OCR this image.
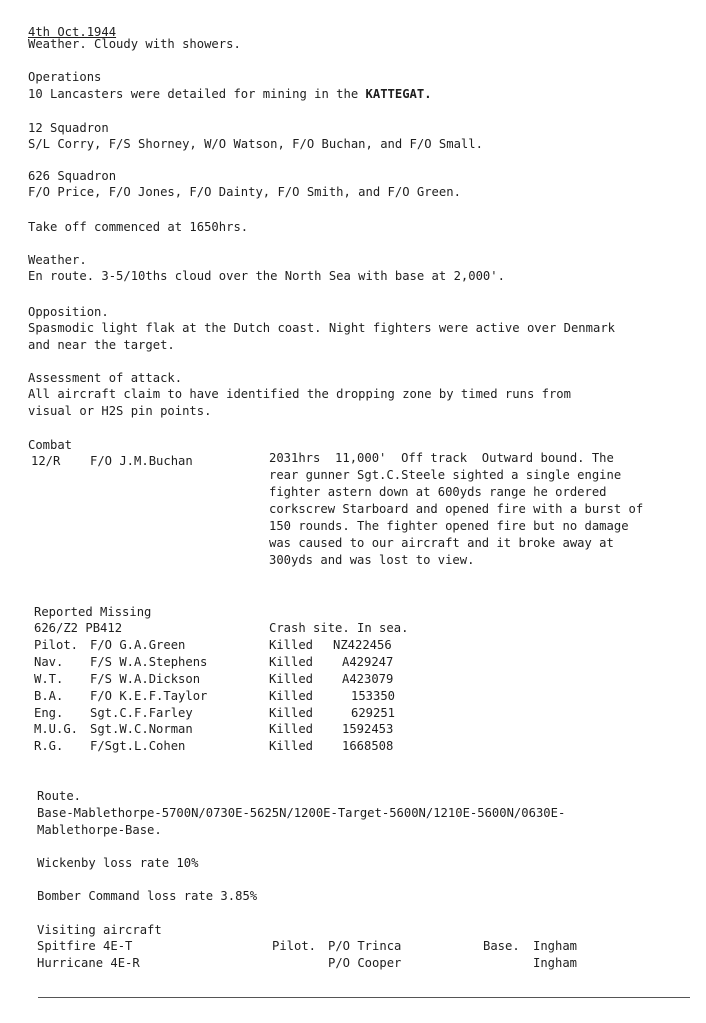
4th Oct.1944
Weather. Cloudy with showers.
Operations
10 Lancasters were detailed for mining in the KATTEGAT.
12 Squadron
S/L Corry, F/S Shorney, W/O Watson, F/O Buchan, and F/O Small.
626 Squadron
F/O Price, F/O Jones, F/O Dainty, F/O Smith, and F/O Green.
Take off commenced at 1650hrs.
Weather.
En route. 3-5/10ths cloud over the North Sea with base at 2,000'.
Opposition.
Spasmodic light flak at the Dutch coast. Night fighters were active over Denmark
and near the target.
Assessment of attack.
All aircraft claim to have identified the dropping zone by timed runs from
visual or H2S pin points.
Combat
12/R F/O J.M.Buchan	2031hrs  11,000'  Off track  Outward bound. The
rear gunner Sgt.C.Steele sighted a single engine
fighter astern down at 600yds range he ordered
corkscrew Starboard and opened fire with a burst of
150 rounds. The fighter opened fire but no damage
was caused to our aircraft and it broke away at
300yds and was lost to view.
Reported Missing
626/Z2 PB412	Crash site. In sea.
Pilot. F/O G.A.Green	Killed NZ422456
Nav. F/S W.A.Stephens	Killed A429247
W.T. F/S W.A.Dickson	Killed A423079
B.A. F/O K.E.F.Taylor	Killed	153350
Eng. Sgt.C.F.Farley	Killed	629251
M.U.G. Sgt.W.C.Norman	Killed 1592453
R.G. F/Sgt.L.Cohen	Killed 1668508
Route.
Base-Mablethorpe-5700N/0730E-5625N/1200E-Target-5600N/1210E-5600N/0630E-
Mablethorpe-Base.
Wickenby loss rate 10%
Bomber Command loss rate 3.85%
Visiting aircraft
Spitfire 4E-T	Pilot. P/O Trinca	Base. Ingham
Hurricane 4E-R	P/O Cooper	Ingham
